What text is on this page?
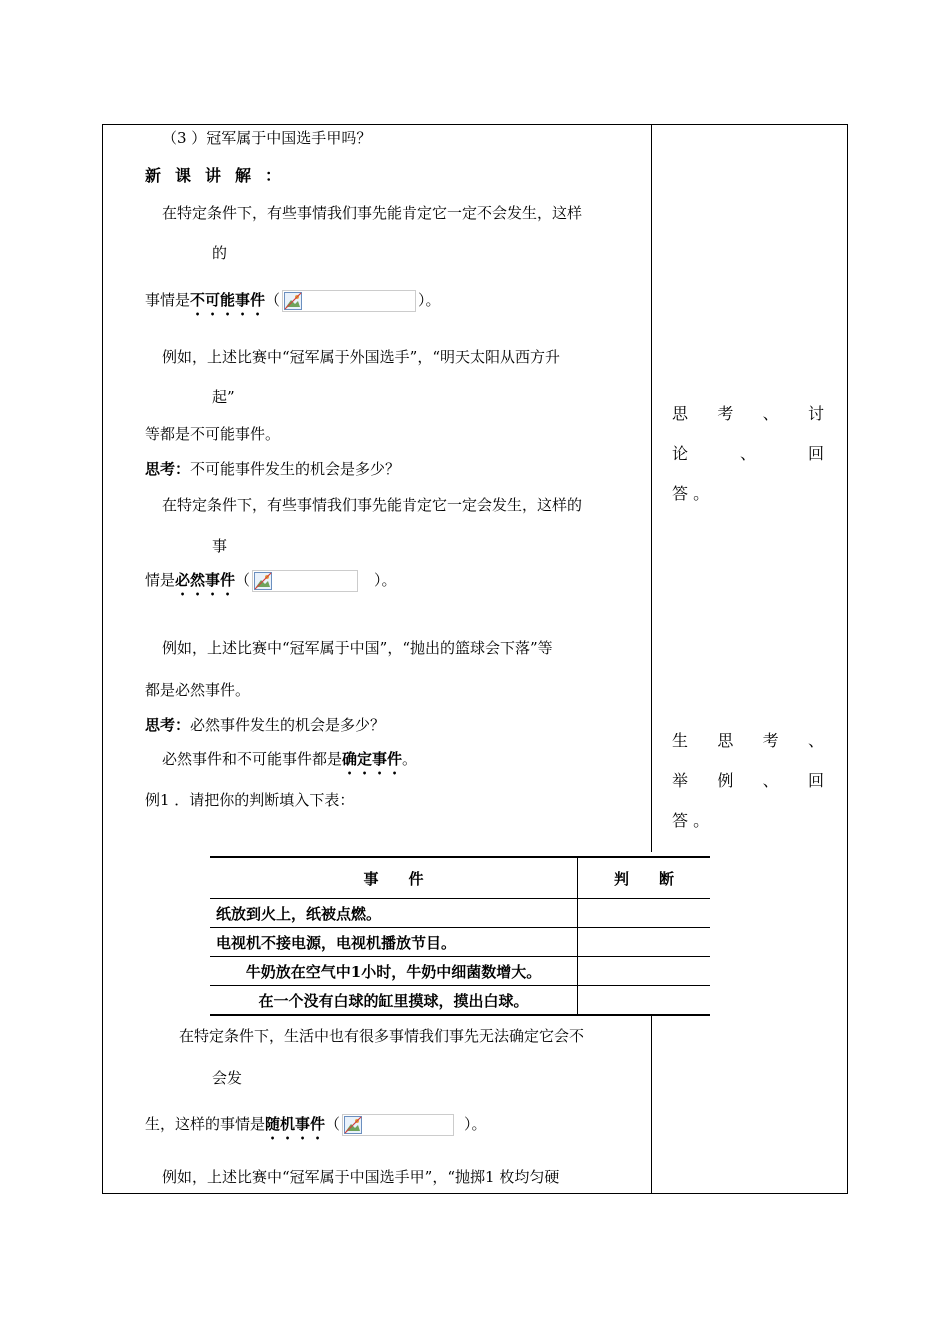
（3 ）冠军属于中国选手甲吗？
新课讲解：
在特定条件下，有些事情我们事先能肯定它一定不会发生，这样
的
事情是不可能事件（	）。
例如，上述比赛中“冠军属于外国选手”，“明天太阳从西方升
起”
等都是不可能事件。
思考：不可能事件发生的机会是多少？
在特定条件下，有些事情我们事先能肯定它一定会发生，这样的
事
情是必然事件（	）。
例如，上述比赛中“冠军属于中国”，“抛出的篮球会下落”等
都是必然事件。
思考：必然事件发生的机会是多少？
必然事件和不可能事件都是确定事件。
例1 ．请把你的判断填入下表：
事　　件	判　　断
纸放到火上，纸被点燃。	
电视机不接电源，电视机播放节目。	
牛奶放在空气中1小时，牛奶中细菌数增大。	
在一个没有白球的缸里摸球，摸出白球。	
在特定条件下，生活中也有很多事情我们事先无法确定它会不
会发
生，这样的事情是随机事件（	）。
例如，上述比赛中“冠军属于中国选手甲”，“抛掷1 枚均匀硬
思 考 、 讨
论	、	回
答 。
生 思 考 、
举 例 、 回
答 。
